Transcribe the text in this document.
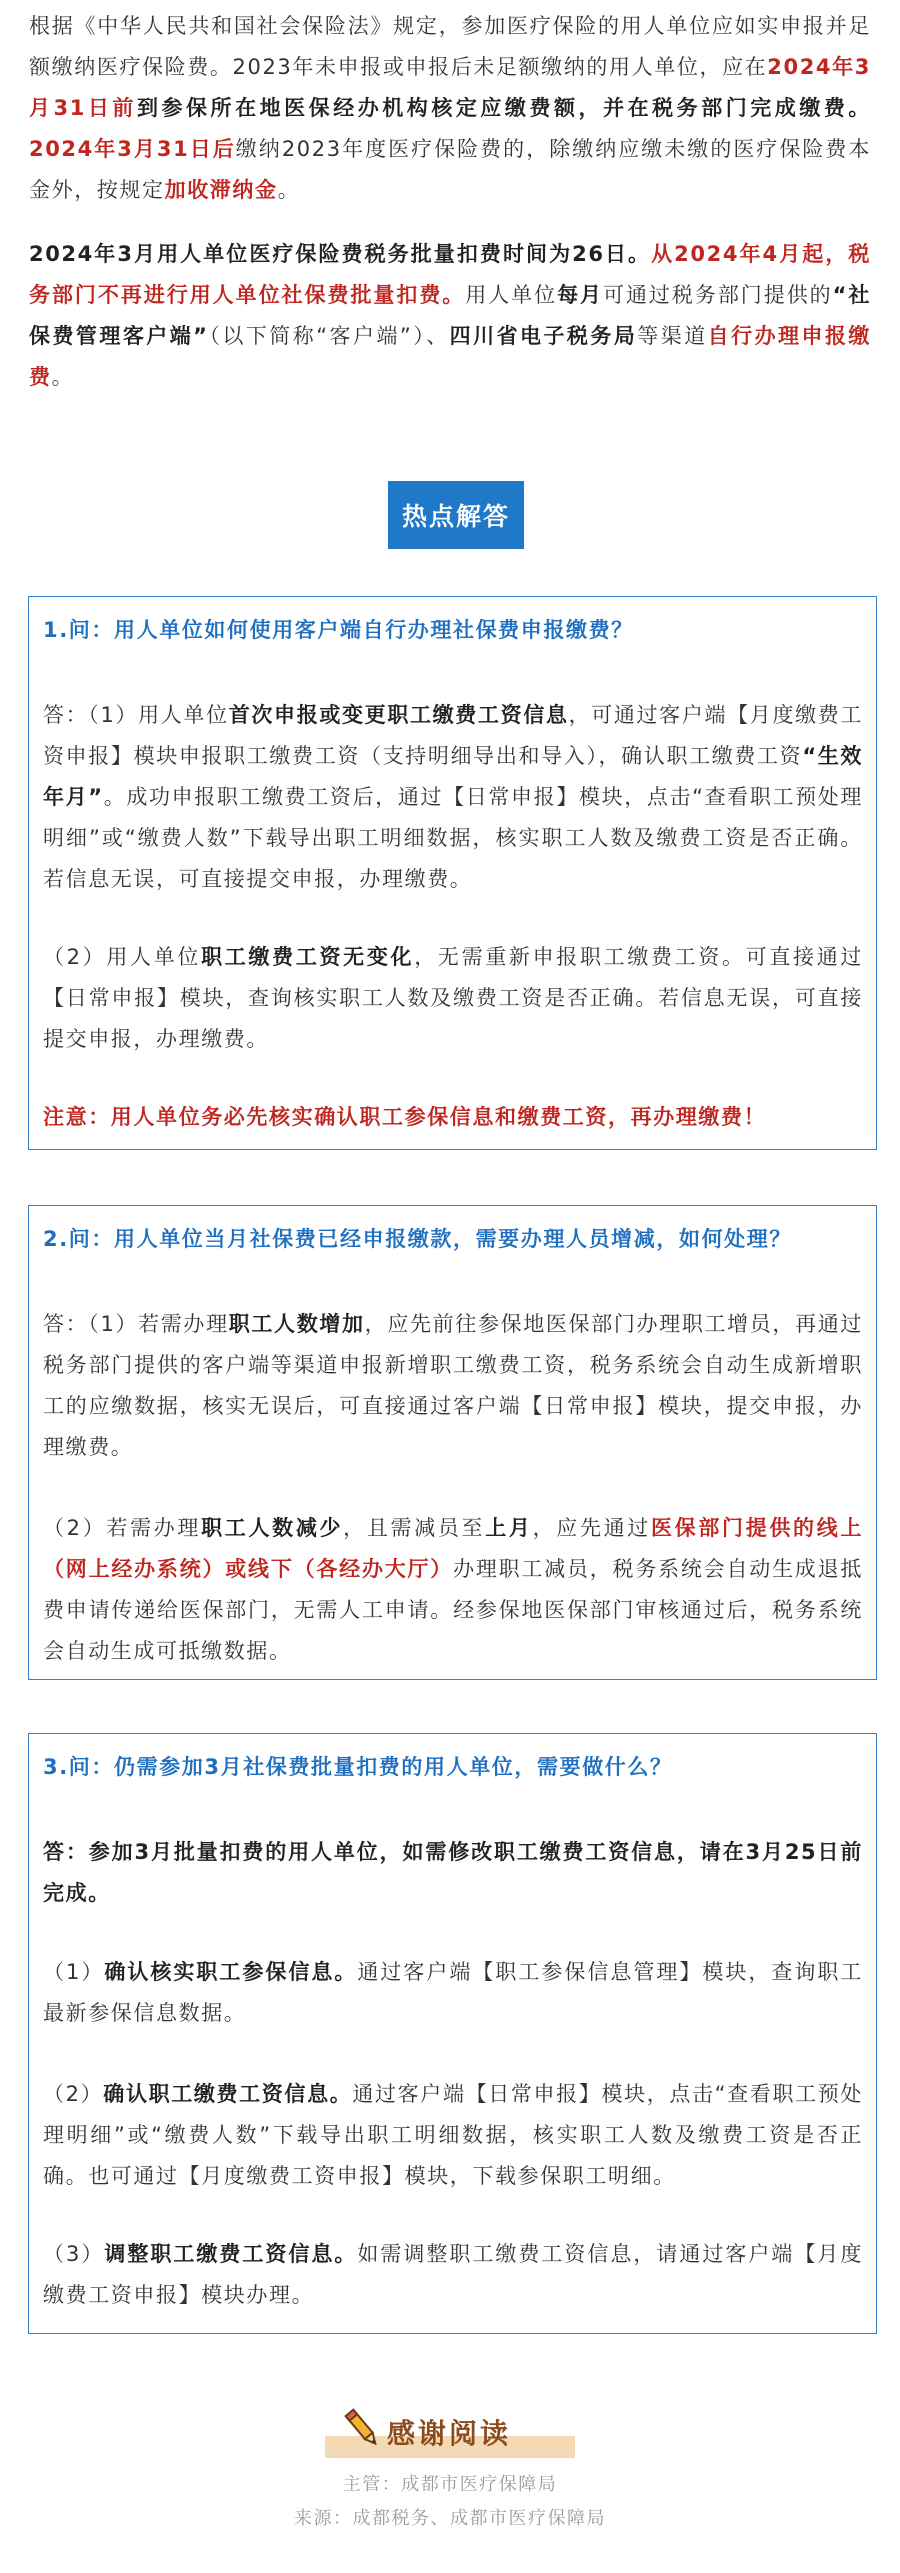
根据《中华人民共和国社会保险法》规定，参加医疗保险的用人单位应如实申报并足额缴纳医疗保险费。2023年未申报或申报后未足额缴纳的用人单位，应在2024年3月31日前到参保所在地医保经办机构核定应缴费额，并在税务部门完成缴费。2024年3月31日后缴纳2023年度医疗保险费的，除缴纳应缴未缴的医疗保险费本金外，按规定加收滞纳金。

2024年3月用人单位医疗保险费税务批量扣费时间为26日。从2024年4月起，税务部门不再进行用人单位社保费批量扣费。用人单位每月可通过税务部门提供的“社保费管理客户端”（以下简称“客户端”）、四川省电子税务局等渠道自行办理申报缴费。

热点解答
1.问：用人单位如何使用客户端自行办理社保费申报缴费？

答：（1）用人单位首次申报或变更职工缴费工资信息，可通过客户端【月度缴费工资申报】模块申报职工缴费工资（支持明细导出和导入），确认职工缴费工资“生效年月”。成功申报职工缴费工资后，通过【日常申报】模块，点击“查看职工预处理明细”或“缴费人数”下载导出职工明细数据，核实职工人数及缴费工资是否正确。若信息无误，可直接提交申报，办理缴费。

（2）用人单位职工缴费工资无变化，无需重新申报职工缴费工资。可直接通过【日常申报】模块，查询核实职工人数及缴费工资是否正确。若信息无误，可直接提交申报，办理缴费。

注意：用人单位务必先核实确认职工参保信息和缴费工资，再办理缴费！

2.问：用人单位当月社保费已经申报缴款，需要办理人员增减，如何处理？

答：（1）若需办理职工人数增加，应先前往参保地医保部门办理职工增员，再通过税务部门提供的客户端等渠道申报新增职工缴费工资，税务系统会自动生成新增职工的应缴数据，核实无误后，可直接通过客户端【日常申报】模块，提交申报，办理缴费。

（2）若需办理职工人数减少，且需减员至上月，应先通过医保部门提供的线上（网上经办系统）或线下（各经办大厅）办理职工减员，税务系统会自动生成退抵费申请传递给医保部门，无需人工申请。经参保地医保部门审核通过后，税务系统会自动生成可抵缴数据。

3.问：仍需参加3月社保费批量扣费的用人单位，需要做什么？

答：参加3月批量扣费的用人单位，如需修改职工缴费工资信息，请在3月25日前完成。

（1）确认核实职工参保信息。通过客户端【职工参保信息管理】模块，查询职工最新参保信息数据。

（2）确认职工缴费工资信息。通过客户端【日常申报】模块，点击“查看职工预处理明细”或“缴费人数”下载导出职工明细数据，核实职工人数及缴费工资是否正确。也可通过【月度缴费工资申报】模块，下载参保职工明细。

（3）调整职工缴费工资信息。如需调整职工缴费工资信息，请通过客户端【月度缴费工资申报】模块办理。

感谢阅读
主管：成都市医疗保障局
来源：成都税务、成都市医疗保障局
